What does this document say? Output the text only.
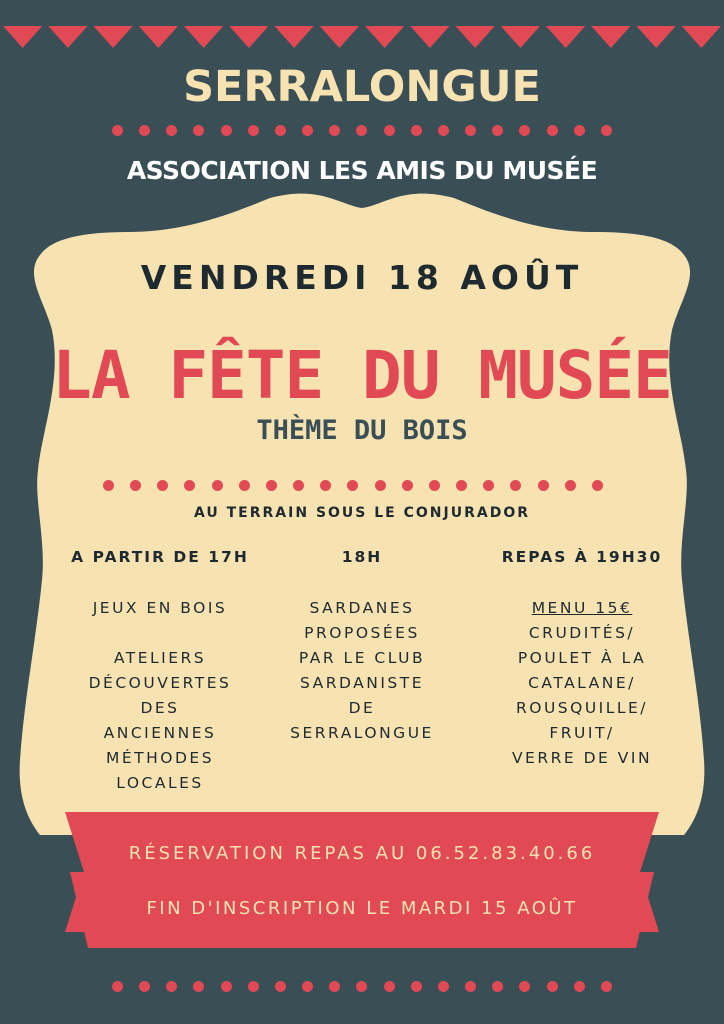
SERRALONGUE

ASSOCIATION LES AMIS DU MUSÉE

VENDREDI 18 AOÛT

LA FÊTE DU MUSÉE

THÈME DU BOIS

AU TERRAIN SOUS LE CONJURADOR

A PARTIR DE 17H

JEUX EN BOIS

ATELIERS

DÉCOUVERTES

DES

ANCIENNES

MÉTHODES

LOCALES

18H

SARDANES

PROPOSÉES

PAR LE CLUB

SARDANISTE

DE

SERRALONGUE

REPAS À 19H30

MENU 15€

CRUDITÉS/

POULET À LA

CATALANE/

ROUSQUILLE/

FRUIT/

VERRE DE VIN

RÉSERVATION REPAS AU 06.52.83.40.66

FIN D'INSCRIPTION LE MARDI 15 AOÛT
